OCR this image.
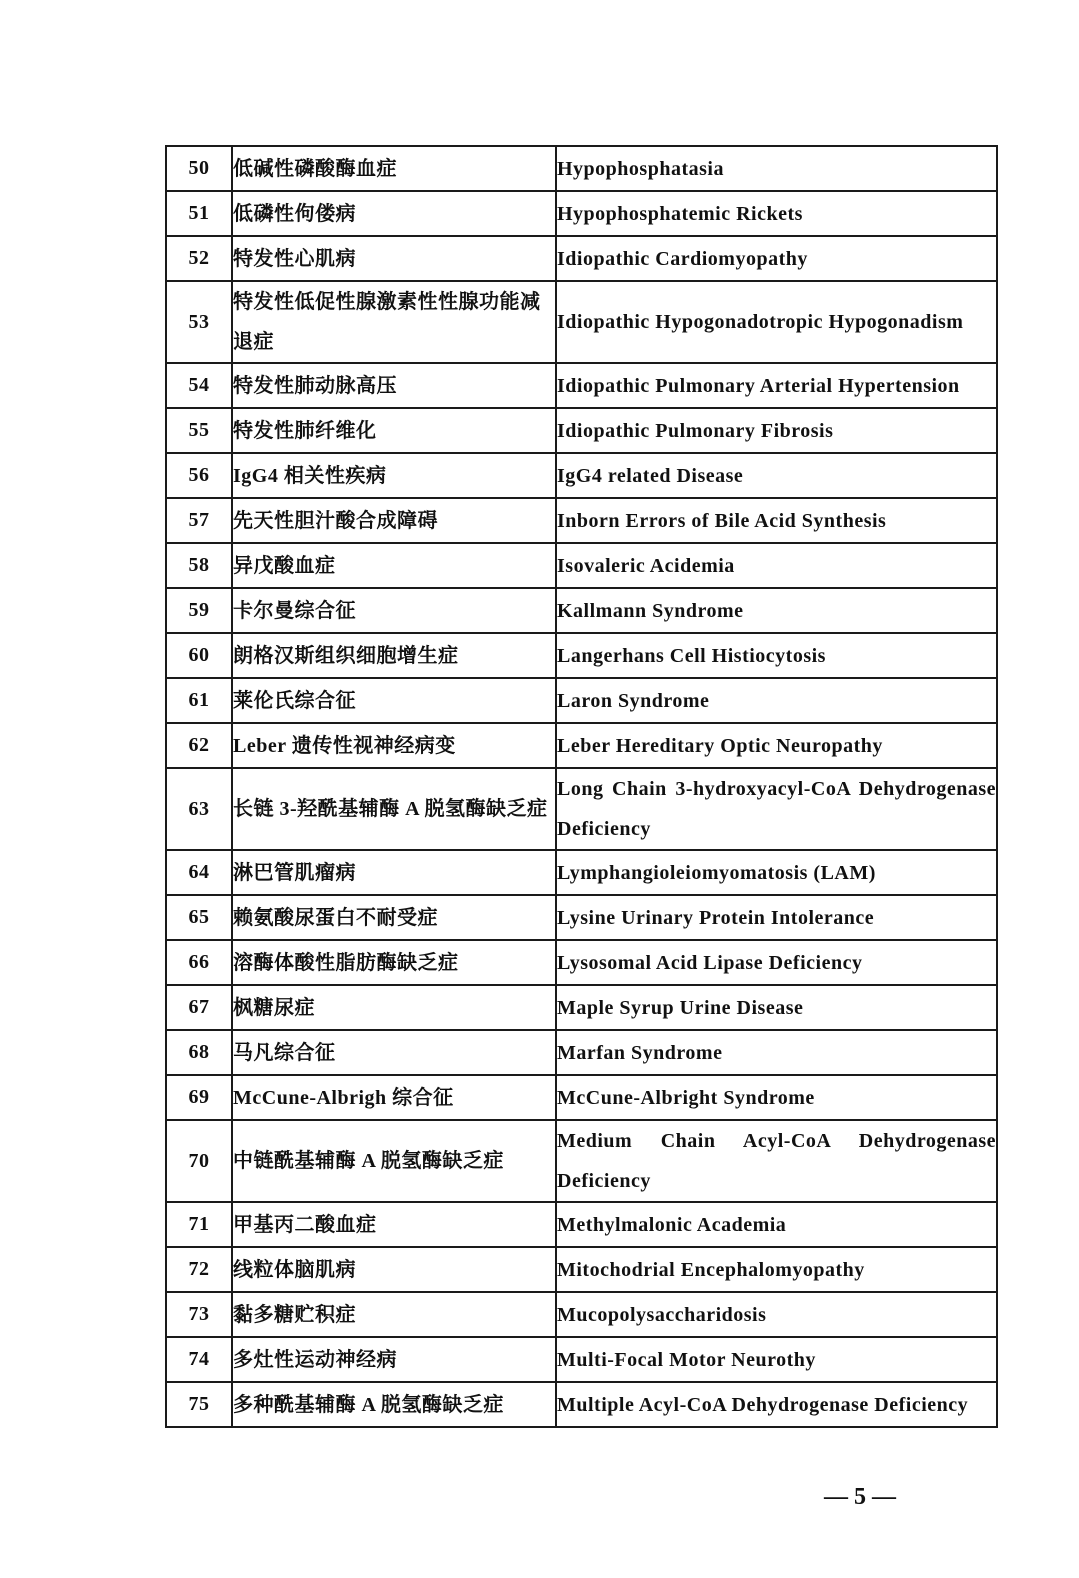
50	低碱性磷酸酶血症	Hypophosphatasia
51	低磷性佝偻病	Hypophosphatemic Rickets
52	特发性心肌病	Idiopathic Cardiomyopathy
53	特发性低促性腺激素性性腺功能减退症	Idiopathic Hypogonadotropic Hypogonadism
54	特发性肺动脉高压	Idiopathic Pulmonary Arterial Hypertension
55	特发性肺纤维化	Idiopathic Pulmonary Fibrosis
56	IgG4 相关性疾病	IgG4 related Disease
57	先天性胆汁酸合成障碍	Inborn Errors of Bile Acid Synthesis
58	异戊酸血症	Isovaleric Acidemia
59	卡尔曼综合征	Kallmann Syndrome
60	朗格汉斯组织细胞增生症	Langerhans Cell Histiocytosis
61	莱伦氏综合征	Laron Syndrome
62	Leber 遗传性视神经病变	Leber Hereditary Optic Neuropathy
63	长链 3-羟酰基辅酶 A 脱氢酶缺乏症	Long Chain 3-hydroxyacyl-CoA Dehydrogenase Deficiency
64	淋巴管肌瘤病	Lymphangioleiomyomatosis (LAM)
65	赖氨酸尿蛋白不耐受症	Lysine Urinary Protein Intolerance
66	溶酶体酸性脂肪酶缺乏症	Lysosomal Acid Lipase Deficiency
67	枫糖尿症	Maple Syrup Urine Disease
68	马凡综合征	Marfan Syndrome
69	McCune-Albrigh 综合征	McCune-Albright Syndrome
70	中链酰基辅酶 A 脱氢酶缺乏症	Medium Chain Acyl-CoA Dehydrogenase Deficiency
71	甲基丙二酸血症	Methylmalonic Academia
72	线粒体脑肌病	Mitochodrial Encephalomyopathy
73	黏多糖贮积症	Mucopolysaccharidosis
74	多灶性运动神经病	Multi-Focal Motor Neurothy
75	多种酰基辅酶 A 脱氢酶缺乏症	Multiple Acyl-CoA Dehydrogenase Deficiency
— 5 —
